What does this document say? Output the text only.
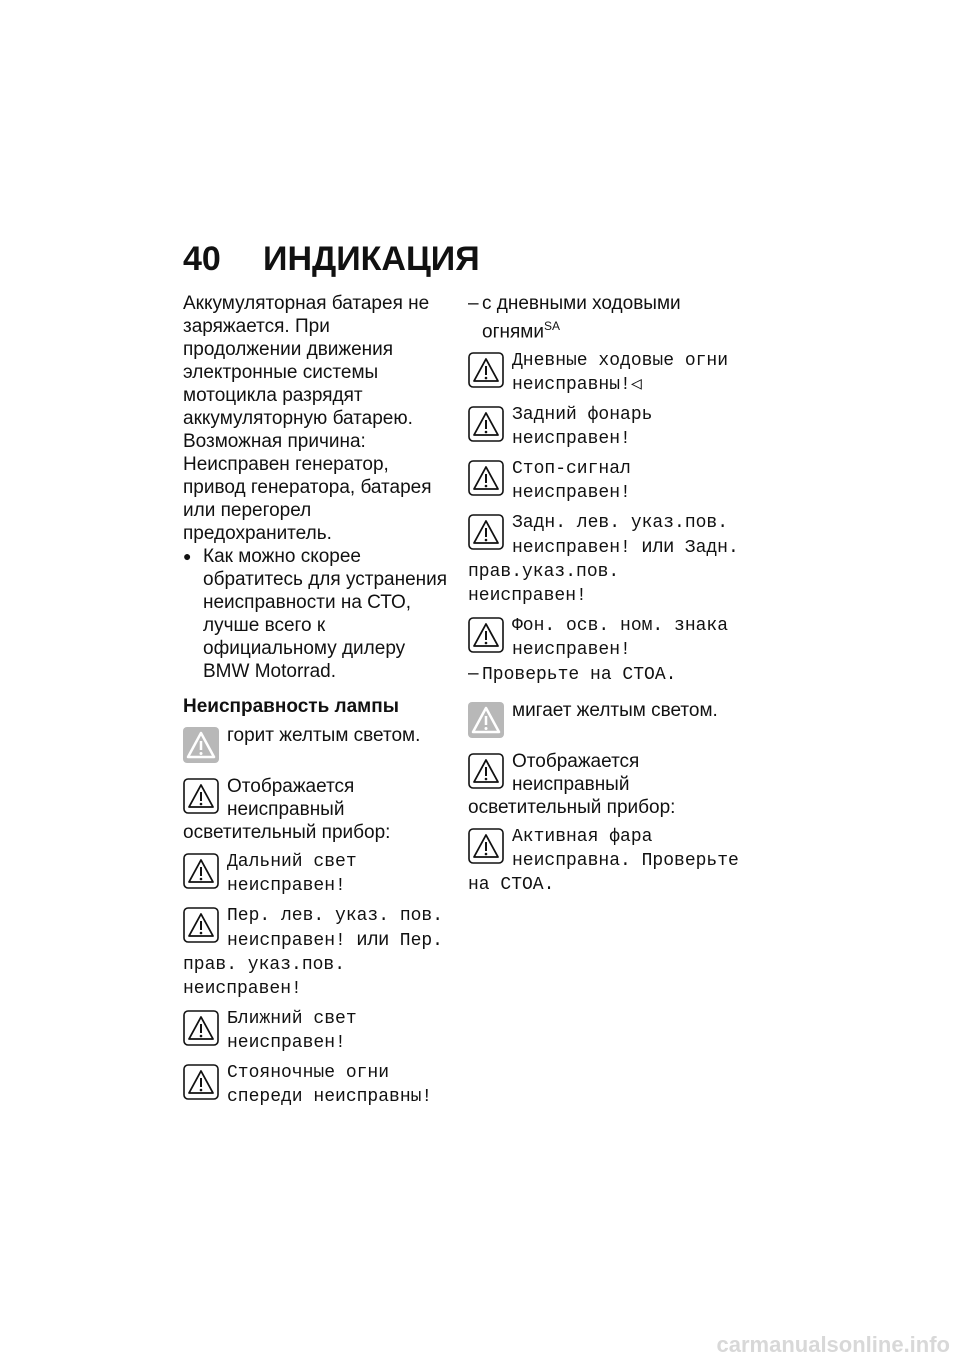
40 ИНДИКАЦИЯ

Аккумуляторная батарея не заряжается. При продолжении движения электронные системы мотоцикла разрядят аккумуляторную батарею.

Возможная причина:

Неисправен генератор, привод генератора, батарея или перегорел предохранитель.

● Как можно скорее обратитесь для устранения неисправности на СТО, лучше всего к официальному дилеру BMW Motorrad.

Неисправность лампы

горит желтым светом.

Отображается неисправный осветительный прибор:

Дальний свет неисправен!
Пер. лев. указ. пов. неисправен! или Пер. прав. указ.пов. неисправен!
Ближний свет неисправен!
Стояночные огни спереди неисправны!

– с дневными ходовыми огнями$^{SA}$

Дневные ходовые огни неисправны!◁
Задний фонарь неисправен!
Стоп-сигнал неисправен!
Задн. лев. указ.пов. неисправен! или Задн. прав.указ.пов. неисправен!
Фон. осв. ном. знака неисправен!

– Проверьте на СТОА.

мигает желтым светом.

Отображается неисправный осветительный прибор:

Активная фара неисправна. Проверьте на СТОА.
carmanualsonline.info
